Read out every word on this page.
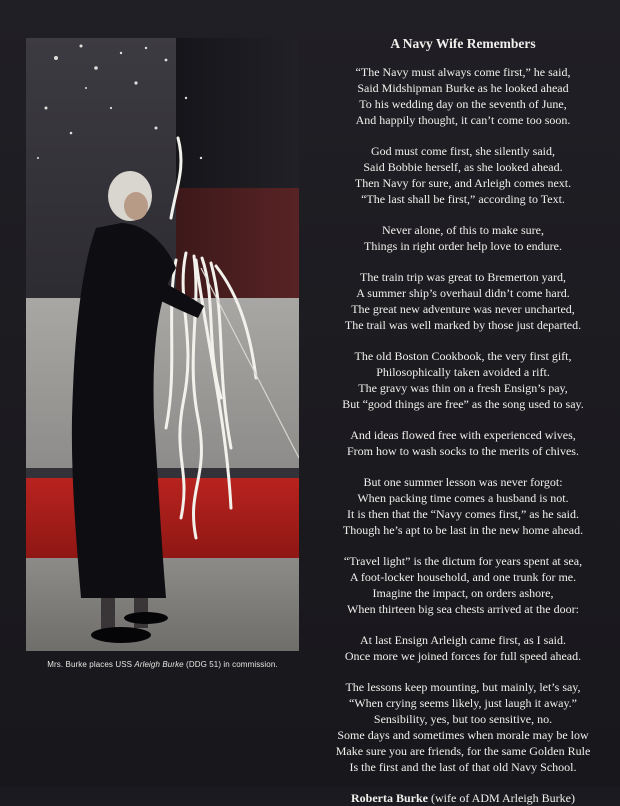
Mrs. Burke places USS Arleigh Burke (DDG 51) in commission.
A Navy Wife Remembers
“The Navy must always come first,” he said,
Said Midshipman Burke as he looked ahead
To his wedding day on the seventh of June,
And happily thought, it can’t come too soon.
God must come first, she silently said,
Said Bobbie herself, as she looked ahead.
Then Navy for sure, and Arleigh comes next.
“The last shall be first,” according to Text.
Never alone, of this to make sure,
Things in right order help love to endure.
The train trip was great to Bremerton yard,
A summer ship’s overhaul didn’t come hard.
The great new adventure was never uncharted,
The trail was well marked by those just departed.
The old Boston Cookbook, the very first gift,
Philosophically taken avoided a rift.
The gravy was thin on a fresh Ensign’s pay,
But “good things are free” as the song used to say.
And ideas flowed free with experienced wives,
From how to wash socks to the merits of chives.
But one summer lesson was never forgot:
When packing time comes a husband is not.
It is then that the “Navy comes first,” as he said.
Though he’s apt to be last in the new home ahead.
“Travel light” is the dictum for years spent at sea,
A foot-locker household, and one trunk for me.
Imagine the impact, on orders ashore,
When thirteen big sea chests arrived at the door:
At last Ensign Arleigh came first, as I said.
Once more we joined forces for full speed ahead.
The lessons keep mounting, but mainly, let’s say,
“When crying seems likely, just laugh it away.”
Sensibility, yes, but too sensitive, no.
Some days and sometimes when morale may be low
Make sure you are friends, for the same Golden Rule
Is the first and the last of that old Navy School.
Roberta Burke (wife of ADM Arleigh Burke)
